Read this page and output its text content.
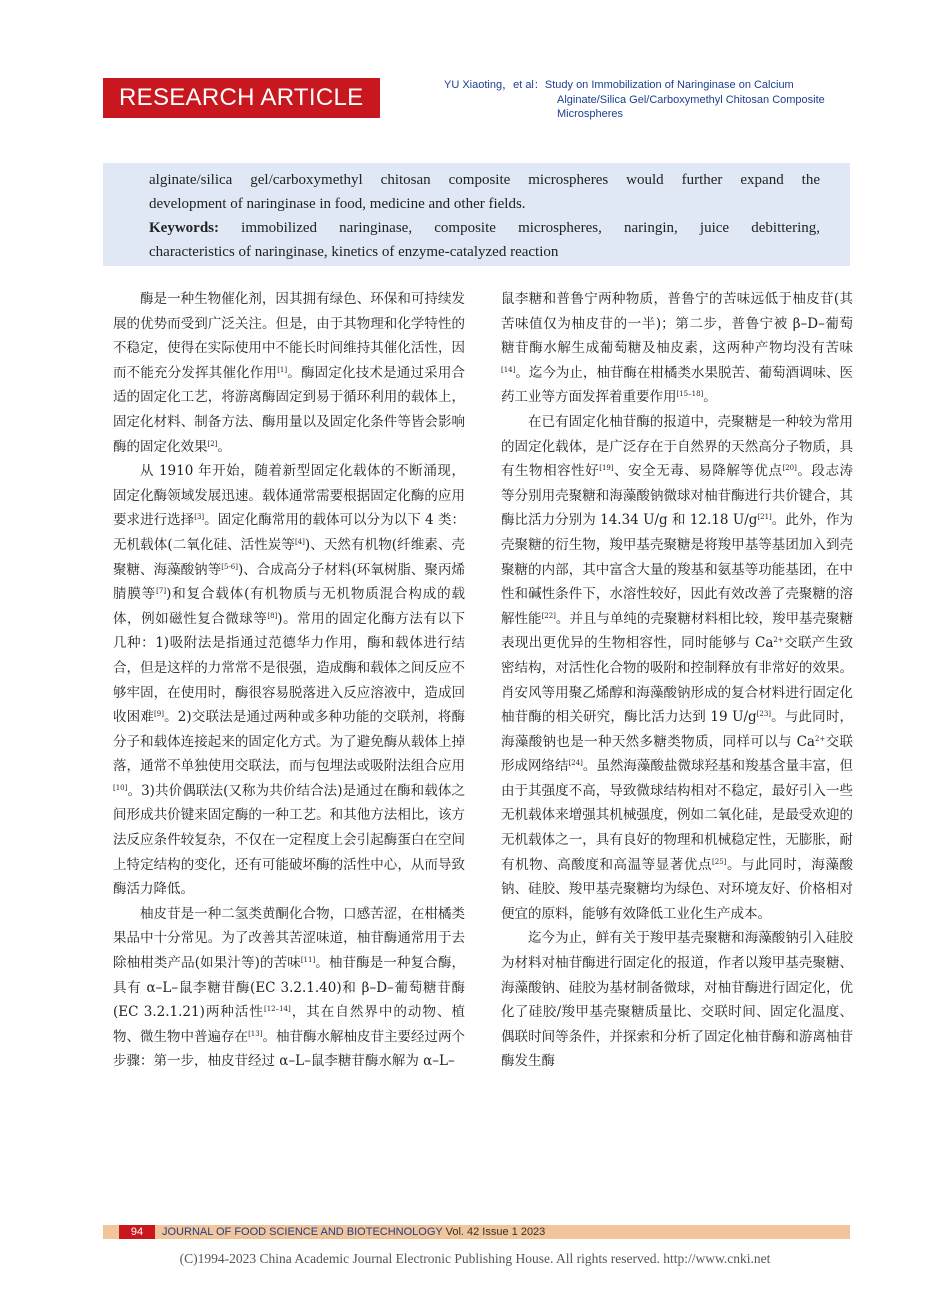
RESEARCH ARTICLE	YU Xiaoting，et al：Study on Immobilization of Naringinase on Calcium
Alginate/Silica Gel/Carboxymethyl Chitosan Composite
Microspheres

alginate/silica gel/carboxymethyl chitosan composite microspheres would further expand the

development of naringinase in food, medicine and other fields.

Keywords: immobilized naringinase, composite microspheres, naringin, juice debittering,

characteristics of naringinase, kinetics of enzyme-catalyzed reaction

酶是一种生物催化剂，因其拥有绿色、环保和可持续发展的优势而受到广泛关注。但是，由于其物理和化学特性的不稳定，使得在实际使用中不能长时间维持其催化活性，因而不能充分发挥其催化作用[1]。酶固定化技术是通过采用合适的固定化工艺，将游离酶固定到易于循环利用的载体上，固定化材料、制备方法、酶用量以及固定化条件等皆会影响酶的固定化效果[2]。

从 1910 年开始，随着新型固定化载体的不断涌现，固定化酶领域发展迅速。载体通常需要根据固定化酶的应用要求进行选择[3]。固定化酶常用的载体可以分为以下 4 类：无机载体(二氧化硅、活性炭等[4])、天然有机物(纤维素、壳聚糖、海藻酸钠等[5-6])、合成高分子材料(环氧树脂、聚丙烯腈膜等[7])和复合载体(有机物质与无机物质混合构成的载体，例如磁性复合微球等[8])。常用的固定化酶方法有以下几种：1)吸附法是指通过范德华力作用，酶和载体进行结合，但是这样的力常常不是很强，造成酶和载体之间反应不够牢固，在使用时，酶很容易脱落进入反应溶液中，造成回收困难[9]。2)交联法是通过两种或多种功能的交联剂，将酶分子和载体连接起来的固定化方式。为了避免酶从载体上掉落，通常不单独使用交联法，而与包埋法或吸附法组合应用[10]。3)共价偶联法(又称为共价结合法)是通过在酶和载体之间形成共价键来固定酶的一种工艺。和其他方法相比，该方法反应条件较复杂，不仅在一定程度上会引起酶蛋白在空间上特定结构的变化，还有可能破坏酶的活性中心，从而导致酶活力降低。

柚皮苷是一种二氢类黄酮化合物，口感苦涩，在柑橘类果品中十分常见。为了改善其苦涩味道，柚苷酶通常用于去除柚柑类产品(如果汁等)的苦味[11]。柚苷酶是一种复合酶，具有 α–L–鼠李糖苷酶(EC 3.2.1.40)和 β–D–葡萄糖苷酶(EC 3.2.1.21)两种活性[12–14]，其在自然界中的动物、植物、微生物中普遍存在[13]。柚苷酶水解柚皮苷主要经过两个步骤：第一步，柚皮苷经过 α–L–鼠李糖苷酶水解为 α–L–

鼠李糖和普鲁宁两种物质，普鲁宁的苦味远低于柚皮苷(其苦味值仅为柚皮苷的一半)；第二步，普鲁宁被 β–D–葡萄糖苷酶水解生成葡萄糖及柚皮素，这两种产物均没有苦味[14]。迄今为止，柚苷酶在柑橘类水果脱苦、葡萄酒调味、医药工业等方面发挥着重要作用[15–18]。

在已有固定化柚苷酶的报道中，壳聚糖是一种较为常用的固定化载体，是广泛存在于自然界的天然高分子物质，具有生物相容性好[19]、安全无毒、易降解等优点[20]。段志涛等分别用壳聚糖和海藻酸钠微球对柚苷酶进行共价键合，其酶比活力分别为 14.34 U/g 和 12.18 U/g[21]。此外，作为壳聚糖的衍生物，羧甲基壳聚糖是将羧甲基等基团加入到壳聚糖的内部，其中富含大量的羧基和氨基等功能基团，在中性和碱性条件下，水溶性较好，因此有效改善了壳聚糖的溶解性能[22]。并且与单纯的壳聚糖材料相比较，羧甲基壳聚糖表现出更优异的生物相容性，同时能够与 $Ca^{2+}$交联产生致密结构，对活性化合物的吸附和控制释放有非常好的效果。肖安风等用聚乙烯醇和海藻酸钠形成的复合材料进行固定化柚苷酶的相关研究，酶比活力达到 19 U/g[23]。与此同时，海藻酸钠也是一种天然多糖类物质，同样可以与 $Ca^{2+}$交联形成网络结[24]。虽然海藻酸盐微球羟基和羧基含量丰富，但由于其强度不高，导致微球结构相对不稳定，最好引入一些无机载体来增强其机械强度，例如二氧化硅，是最受欢迎的无机载体之一，具有良好的物理和机械稳定性，无膨胀，耐有机物、高酸度和高温等显著优点[25]。与此同时，海藻酸钠、硅胶、羧甲基壳聚糖均为绿色、对环境友好、价格相对便宜的原料，能够有效降低工业化生产成本。

迄今为止，鲜有关于羧甲基壳聚糖和海藻酸钠引入硅胶为材料对柚苷酶进行固定化的报道，作者以羧甲基壳聚糖、海藻酸钠、硅胶为基材制备微球，对柚苷酶进行固定化，优化了硅胶/羧甲基壳聚糖质量比、交联时间、固定化温度、偶联时间等条件，并探索和分析了固定化柚苷酶和游离柚苷酶发生酶

94	JOURNAL OF FOOD SCIENCE AND BIOTECHNOLOGY Vol. 42 Issue 1 2023
(C)1994-2023 China Academic Journal Electronic Publishing House. All rights reserved. http://www.cnki.net
